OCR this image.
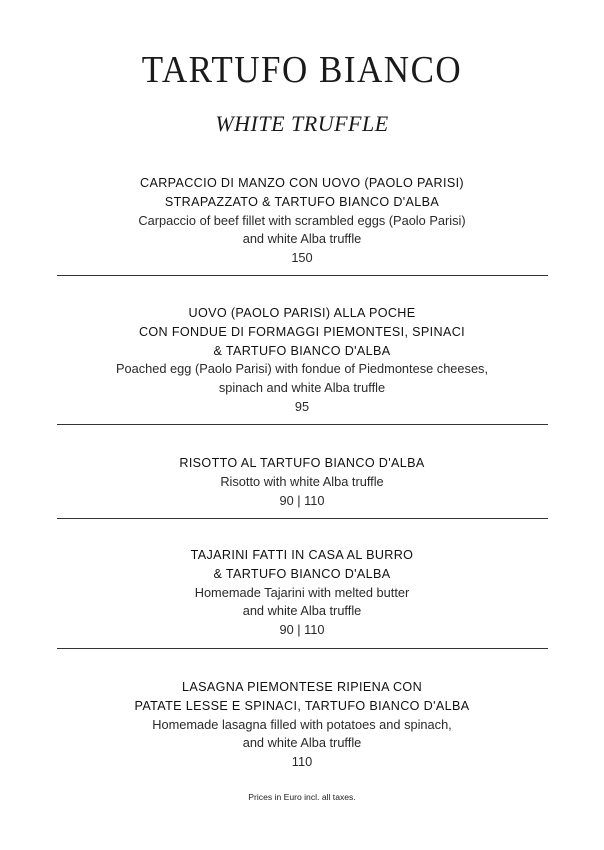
TARTUFO BIANCO
WHITE TRUFFLE
CARPACCIO DI MANZO CON UOVO (PAOLO PARISI)
STRAPAZZATO & TARTUFO BIANCO D'ALBA
Carpaccio of beef fillet with scrambled eggs (Paolo Parisi)
and white Alba truffle
150
UOVO (PAOLO PARISI) ALLA POCHE
CON FONDUE DI FORMAGGI PIEMONTESI, SPINACI
& TARTUFO BIANCO D'ALBA
Poached egg (Paolo Parisi) with fondue of Piedmontese cheeses,
spinach and white Alba truffle
95
RISOTTO AL TARTUFO BIANCO D'ALBA
Risotto with white Alba truffle
90 | 110
TAJARINI FATTI IN CASA AL BURRO
& TARTUFO BIANCO D'ALBA
Homemade Tajarini with melted butter
and white Alba truffle
90 | 110
LASAGNA PIEMONTESE RIPIENA CON
PATATE LESSE E SPINACI, TARTUFO BIANCO D'ALBA
Homemade lasagna filled with potatoes and spinach,
and white Alba truffle
110
Prices in Euro incl. all taxes.
